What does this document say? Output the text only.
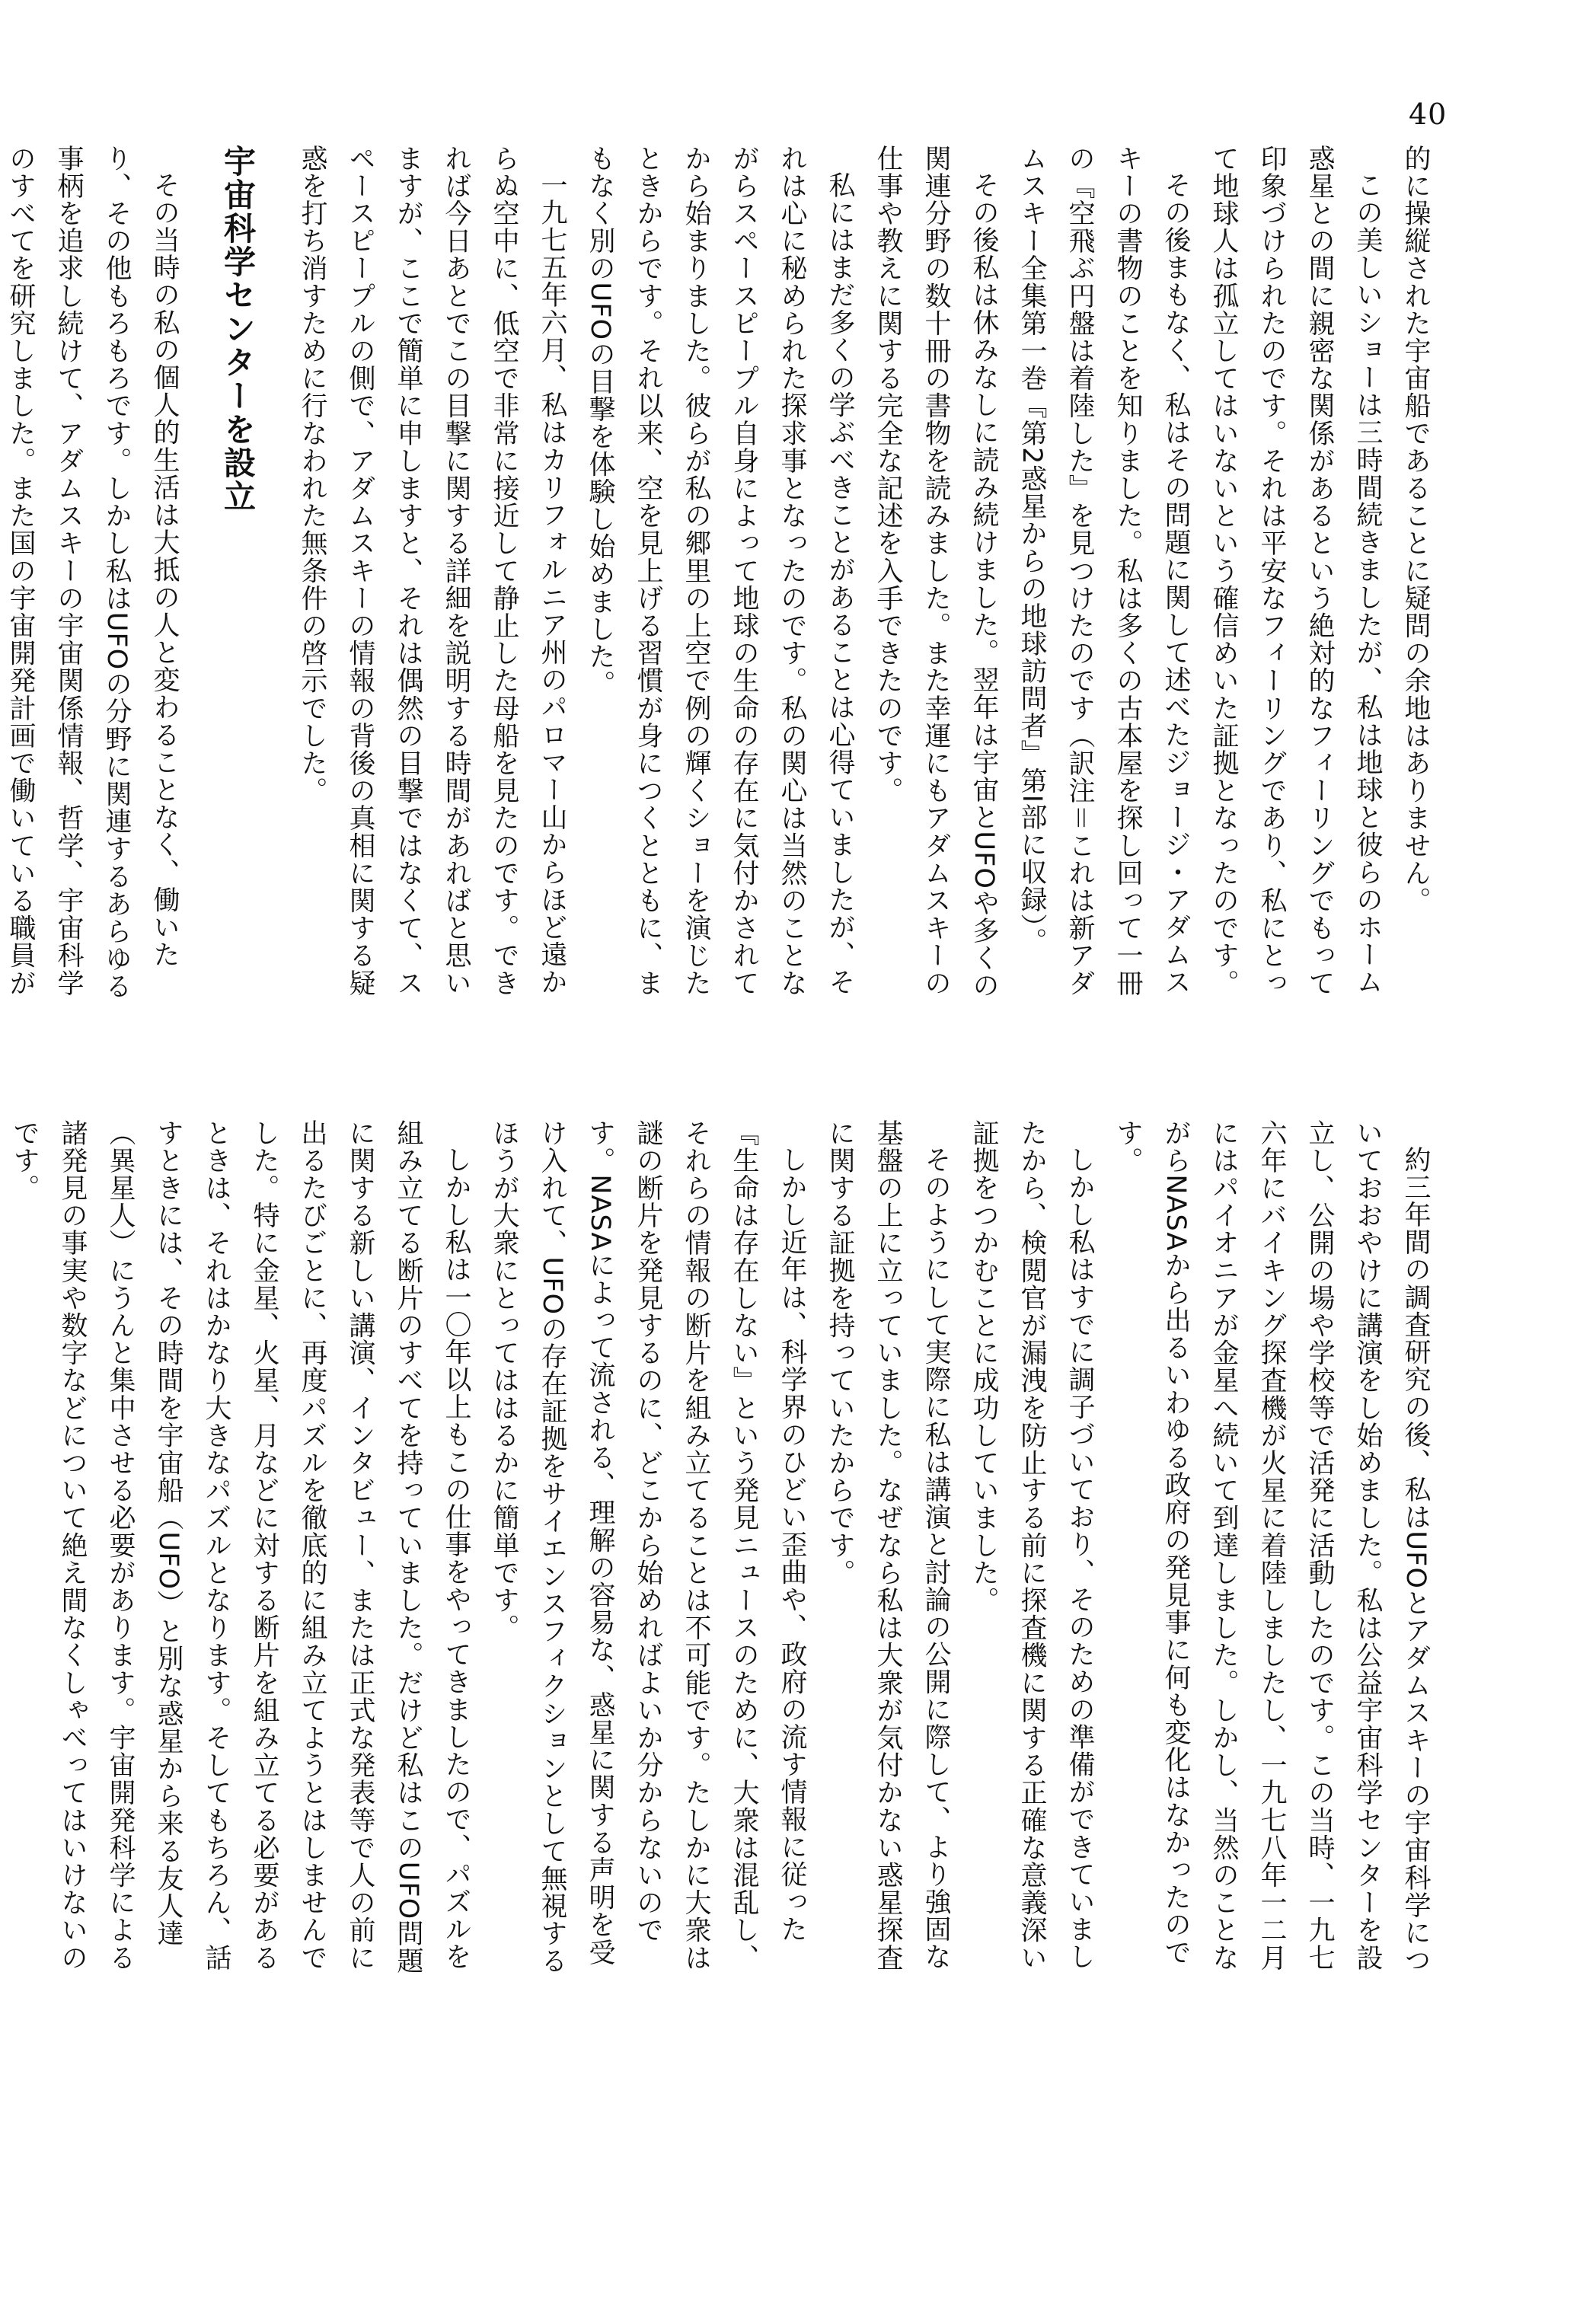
40

的に操縦された宇宙船であることに疑問の余地はありません。

この美しいショーは三時間続きましたが、私は地球と彼らのホーム惑星との間に親密な関係があるという絶対的なフィーリングでもって印象づけられたのです。それは平安なフィーリングであり、私にとって地球人は孤立してはいないという確信めいた証拠となったのです。

その後まもなく、私はその問題に関して述べたジョージ・アダムスキーの書物のことを知りました。私は多くの古本屋を探し回って一冊の『空飛ぶ円盤は着陸した』を見つけたのです（訳注＝これは新アダムスキー全集第一巻『第2惑星からの地球訪問者』第I部に収録）。

その後私は休みなしに読み続けました。翌年は宇宙とUFOや多くの関連分野の数十冊の書物を読みました。また幸運にもアダムスキーの仕事や教えに関する完全な記述を入手できたのです。

私にはまだ多くの学ぶべきことがあることは心得ていましたが、それは心に秘められた探求事となったのです。私の関心は当然のことながらスペースピープル自身によって地球の生命の存在に気付かされてから始まりました。彼らが私の郷里の上空で例の輝くショーを演じたときからです。それ以来、空を見上げる習慣が身につくとともに、まもなく別のUFOの目撃を体験し始めました。

一九七五年六月、私はカリフォルニア州のパロマー山からほど遠からぬ空中に、低空で非常に接近して静止した母船を見たのです。できれば今日あとでこの目撃に関する詳細を説明する時間があればと思いますが、ここで簡単に申しますと、それは偶然の目撃ではなくて、スペースピープルの側で、アダムスキーの情報の背後の真相に関する疑惑を打ち消すために行なわれた無条件の啓示でした。

宇宙科学センターを設立

その当時の私の個人的生活は大抵の人と変わることなく、働いたり、その他もろもろです。しかし私はUFOの分野に関連するあらゆる事柄を追求し続けて、アダムスキーの宇宙関係情報、哲学、宇宙科学のすべてを研究しました。また国の宇宙開発計画で働いている職員が

約三年間の調査研究の後、私はUFOとアダムスキーの宇宙科学についておおやけに講演をし始めました。私は公益宇宙科学センターを設立し、公開の場や学校等で活発に活動したのです。この当時、一九七六年にバイキング探査機が火星に着陸しましたし、一九七八年一二月にはパイオニアが金星へ続いて到達しました。しかし、当然のことながらNASAから出るいわゆる政府の発見事に何も変化はなかったのです。

しかし私はすでに調子づいており、そのための準備ができていましたから、検閲官が漏洩を防止する前に探査機に関する正確な意義深い証拠をつかむことに成功していました。

そのようにして実際に私は講演と討論の公開に際して、より強固な基盤の上に立っていました。なぜなら私は大衆が気付かない惑星探査に関する証拠を持っていたからです。

しかし近年は、科学界のひどい歪曲や、政府の流す情報に従った『生命は存在しない』という発見ニュースのために、大衆は混乱し、それらの情報の断片を組み立てることは不可能です。たしかに大衆は謎の断片を発見するのに、どこから始めればよいか分からないのです。NASAによって流される、理解の容易な、惑星に関する声明を受け入れて、UFOの存在証拠をサイエンスフィクションとして無視するほうが大衆にとってははるかに簡単です。

しかし私は一〇年以上もこの仕事をやってきましたので、パズルを組み立てる断片のすべてを持っていました。だけど私はこのUFO問題に関する新しい講演、インタビュー、または正式な発表等で人の前に出るたびごとに、再度パズルを徹底的に組み立てようとはしませんでした。特に金星、火星、月などに対する断片を組み立てる必要があるときは、それはかなり大きなパズルとなります。そしてもちろん、話すときには、その時間を宇宙船（UFO）と別な惑星から来る友人達（異星人）にうんと集中させる必要があります。宇宙開発科学による諸発見の事実や数字などについて絶え間なくしゃべってはいけないのです。
